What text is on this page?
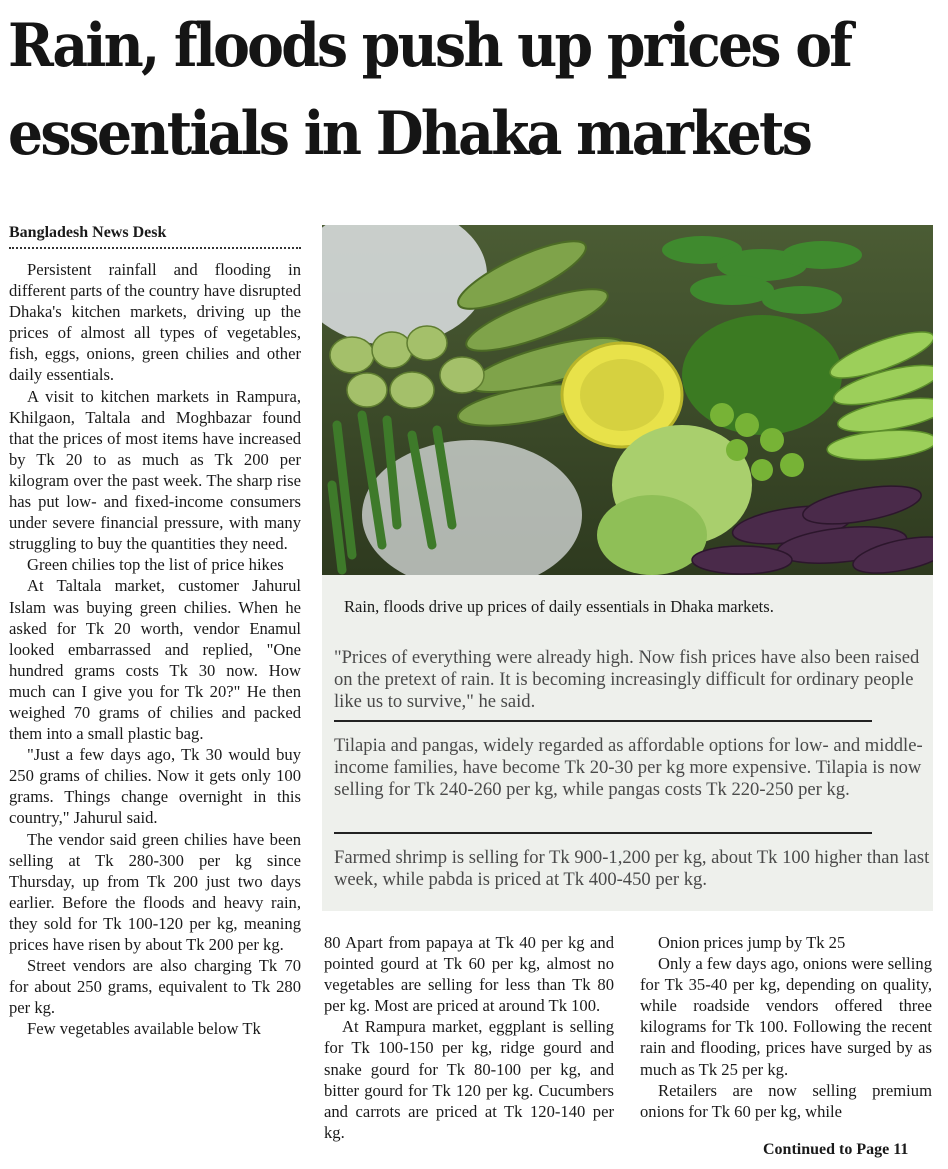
Rain, floods push up prices of essentials in Dhaka markets
Bangladesh News Desk

Persistent rainfall and flooding in different parts of the country have disrupted Dhaka's kitchen markets, driving up the prices of almost all types of vegetables, fish, eggs, onions, green chilies and other daily essentials.

A visit to kitchen markets in Rampura, Khilgaon, Taltala and Moghbazar found that the prices of most items have increased by Tk 20 to as much as Tk 200 per kilogram over the past week. The sharp rise has put low- and fixed-income consumers under severe financial pressure, with many struggling to buy the quantities they need.

Green chilies top the list of price hikes

At Taltala market, customer Jahurul Islam was buying green chilies. When he asked for Tk 20 worth, vendor Enamul looked embarrassed and replied, "One hundred grams costs Tk 30 now. How much can I give you for Tk 20?" He then weighed 70 grams of chilies and packed them into a small plastic bag.

"Just a few days ago, Tk 30 would buy 250 grams of chilies. Now it gets only 100 grams. Things change overnight in this country," Jahurul said.

The vendor said green chilies have been selling at Tk 280-300 per kg since Thursday, up from Tk 200 just two days earlier. Before the floods and heavy rain, they sold for Tk 100-120 per kg, meaning prices have risen by about Tk 200 per kg.

Street vendors are also charging Tk 70 for about 250 grams, equivalent to Tk 280 per kg.

Few vegetables available below Tk

Rain, floods drive up prices of daily essentials in Dhaka markets.
"Prices of everything were already high. Now fish prices have also been raised on the pretext of rain. It is becoming increasingly difficult for ordinary people like us to survive," he said.
Tilapia and pangas, widely regarded as affordable options for low- and middle-income families, have become Tk 20-30 per kg more expensive. Tilapia is now selling for Tk 240-260 per kg, while pangas costs Tk 220-250 per kg.
Farmed shrimp is selling for Tk 900-1,200 per kg, about Tk 100 higher than last week, while pabda is priced at Tk 400-450 per kg.

80 Apart from papaya at Tk 40 per kg and pointed gourd at Tk 60 per kg, almost no vegetables are selling for less than Tk 80 per kg. Most are priced at around Tk 100.

At Rampura market, eggplant is selling for Tk 100-150 per kg, ridge gourd and snake gourd for Tk 80-100 per kg, and bitter gourd for Tk 120 per kg. Cucumbers and carrots are priced at Tk 120-140 per kg.

Onion prices jump by Tk 25

Only a few days ago, onions were selling for Tk 35-40 per kg, depending on quality, while roadside vendors offered three kilograms for Tk 100. Following the recent rain and flooding, prices have surged by as much as Tk 25 per kg.

Retailers are now selling premium onions for Tk 60 per kg, while

Continued to Page 11
